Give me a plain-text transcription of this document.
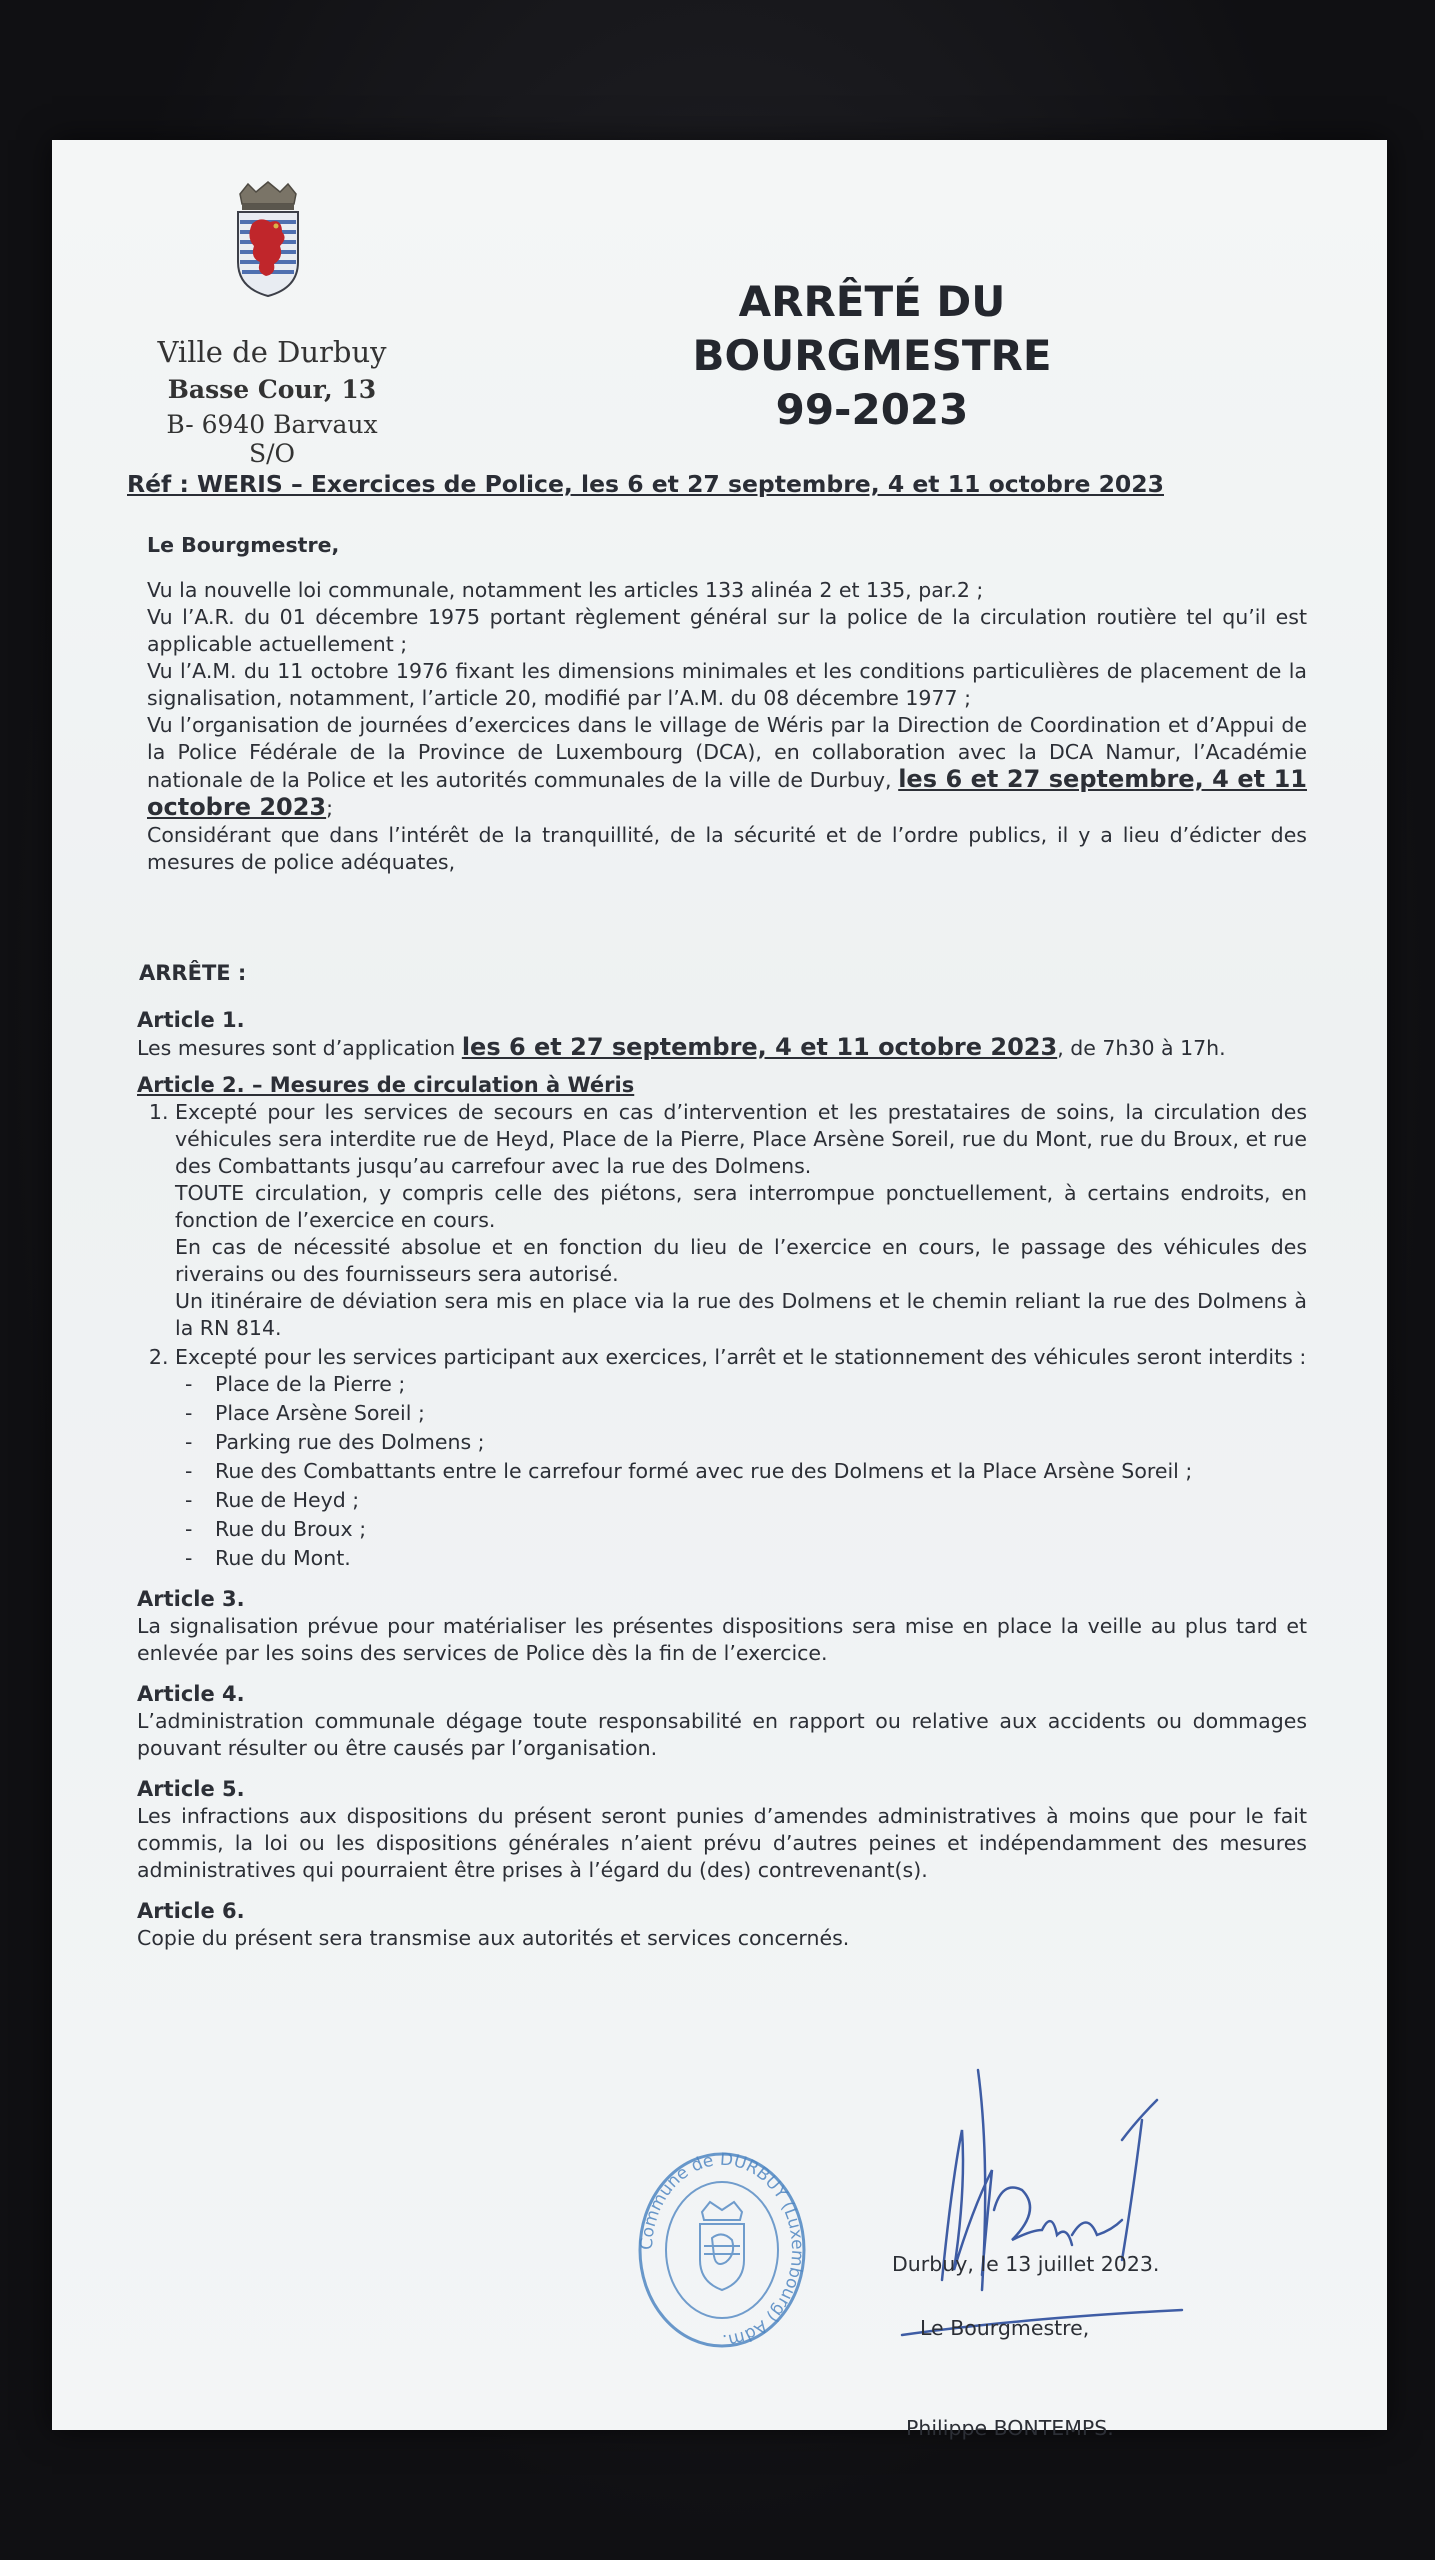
Ville de Durbuy
Basse Cour, 13
B- 6940 Barvaux S/O
ARRÊTÉ DU BOURGMESTRE
99-2023
Réf : WERIS – Exercices de Police, les 6 et 27 septembre, 4 et 11 octobre 2023
Le Bourgmestre,
Vu la nouvelle loi communale, notamment les articles 133 alinéa 2 et 135, par.2 ;
Vu l’A.R. du 01 décembre 1975 portant règlement général sur la police de la circulation routière tel qu’il est applicable actuellement ;
Vu l’A.M. du 11 octobre 1976 fixant les dimensions minimales et les conditions particulières de placement de la signalisation, notamment, l’article 20, modifié par l’A.M. du 08 décembre 1977 ;
Vu l’organisation de journées d’exercices dans le village de Wéris par la Direction de Coordination et d’Appui de la Police Fédérale de la Province de Luxembourg (DCA), en collaboration avec la DCA Namur, l’Académie nationale de la Police et les autorités communales de la ville de Durbuy, les 6 et 27 septembre, 4 et 11 octobre 2023;
Considérant que dans l’intérêt de la tranquillité, de la sécurité et de l’ordre publics, il y a lieu d’édicter des mesures de police adéquates,
ARRÊTE :
Article 1.
Les mesures sont d’application les 6 et 27 septembre, 4 et 11 octobre 2023, de 7h30 à 17h.
Article 2. – Mesures de circulation à Wéris
1. Excepté pour les services de secours en cas d’intervention et les prestataires de soins, la circulation des véhicules sera interdite rue de Heyd, Place de la Pierre, Place Arsène Soreil, rue du Mont, rue du Broux, et rue des Combattants jusqu’au carrefour avec la rue des Dolmens.
TOUTE circulation, y compris celle des piétons, sera interrompue ponctuellement, à certains endroits, en fonction de l’exercice en cours.
En cas de nécessité absolue et en fonction du lieu de l’exercice en cours, le passage des véhicules des riverains ou des fournisseurs sera autorisé.
Un itinéraire de déviation sera mis en place via la rue des Dolmens et le chemin reliant la rue des Dolmens à la RN 814.
2. Excepté pour les services participant aux exercices, l’arrêt et le stationnement des véhicules seront interdits :
- Place de la Pierre ;
- Place Arsène Soreil ;
- Parking rue des Dolmens ;
- Rue des Combattants entre le carrefour formé avec rue des Dolmens et la Place Arsène Soreil ;
- Rue de Heyd ;
- Rue du Broux ;
- Rue du Mont.
Article 3.
La signalisation prévue pour matérialiser les présentes dispositions sera mise en place la veille au plus tard et enlevée par les soins des services de Police dès la fin de l’exercice.
Article 4.
L’administration communale dégage toute responsabilité en rapport ou relative aux accidents ou dommages pouvant résulter ou être causés par l’organisation.
Article 5.
Les infractions aux dispositions du présent seront punies d’amendes administratives à moins que pour le fait commis, la loi ou les dispositions générales n’aient prévu d’autres peines et indépendamment des mesures administratives qui pourraient être prises à l’égard du (des) contrevenant(s).
Article 6.
Copie du présent sera transmise aux autorités et services concernés.
Commune de DURBUY (Luxembourg) Adm.
Durbuy, le 13 juillet 2023.
Le Bourgmestre,
Philippe BONTEMPS.
